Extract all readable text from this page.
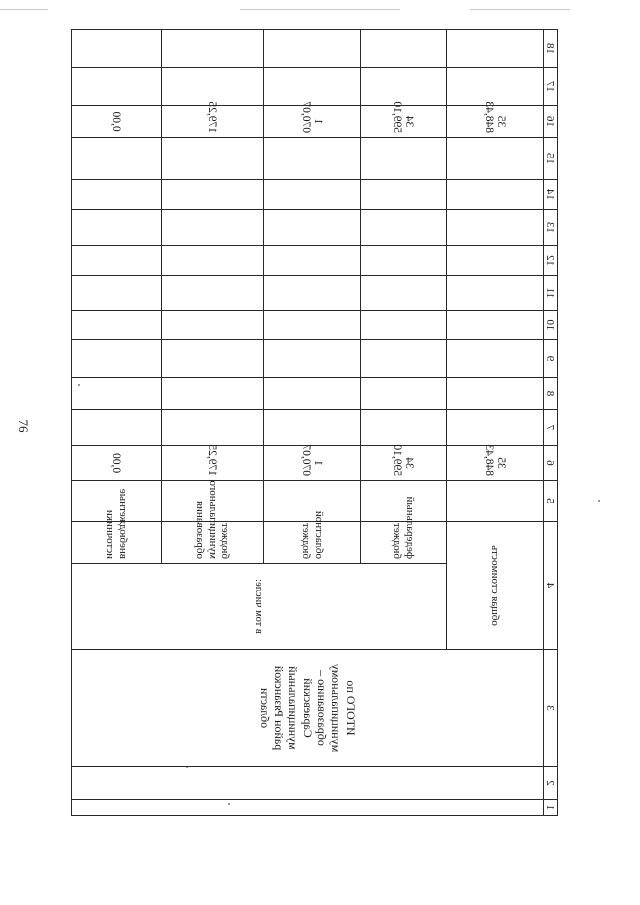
76
1	2	3	4		5	6	7	8	9	10	11	12	13	14	15	16	17	18
		ИТОГО по муниципальному образованию – Сараевский муниципальный район Рязанской области	общая стоимость			35 848,43										35 848,43		
			в том числе:	федеральный бюджет		34 599,10										34 599,10		
				областной бюджет		1 070,07										1 070,07		
				бюджет муниципального образования		179,25										179,25		
				внебюджетные источники		0,00										0,00		
